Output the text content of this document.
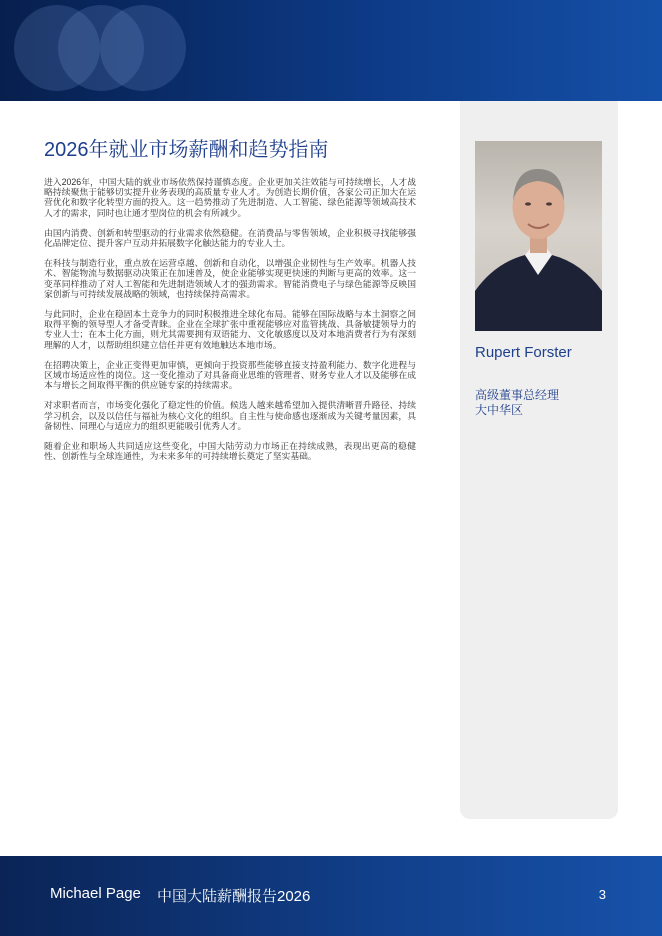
2026年就业市场薪酬和趋势指南

进入2026年，中国大陆的就业市场依然保持谨慎态度。企业更加关注效能与可持续增长，人才战略持续聚焦于能够切实提升业务表现的高质量专业人才。为创造长期价值，各家公司正加大在运营优化和数字化转型方面的投入。这一趋势推动了先进制造、人工智能、绿色能源等领域高技术人才的需求，同时也让通才型岗位的机会有所减少。

由国内消费、创新和转型驱动的行业需求依然稳健。在消费品与零售领域，企业积极寻找能够强化品牌定位、提升客户互动并拓展数字化触达能力的专业人士。

在科技与制造行业，重点放在运营卓越、创新和自动化，以增强企业韧性与生产效率。机器人技术、智能物流与数据驱动决策正在加速普及，使企业能够实现更快速的判断与更高的效率。这一变革同样推动了对人工智能和先进制造领域人才的强劲需求。智能消费电子与绿色能源等反映国家创新与可持续发展战略的领域，也持续保持高需求。

与此同时，企业在稳固本土竞争力的同时积极推进全球化布局。能够在国际战略与本土洞察之间取得平衡的领导型人才备受青睐。企业在全球扩张中重视能够应对监管挑战、具备敏捷领导力的专业人士；在本土化方面，则尤其需要拥有双语能力、文化敏感度以及对本地消费者行为有深刻理解的人才，以帮助组织建立信任并更有效地触达本地市场。

在招聘决策上，企业正变得更加审慎，更倾向于投资那些能够直接支持盈利能力、数字化进程与区域市场适应性的岗位。这一变化推动了对具备商业思维的管理者、财务专业人才以及能够在成本与增长之间取得平衡的供应链专家的持续需求。

对求职者而言，市场变化强化了稳定性的价值。候选人越来越希望加入提供清晰晋升路径、持续学习机会，以及以信任与福祉为核心文化的组织。自主性与使命感也逐渐成为关键考量因素，具备韧性、同理心与适应力的组织更能吸引优秀人才。

随着企业和职场人共同适应这些变化，中国大陆劳动力市场正在持续成熟，表现出更高的稳健性、创新性与全球连通性，为未来多年的可持续增长奠定了坚实基础。

Rupert Forster
高级董事总经理
大中华区
Michael Page 中国大陆薪酬报告2026	3
